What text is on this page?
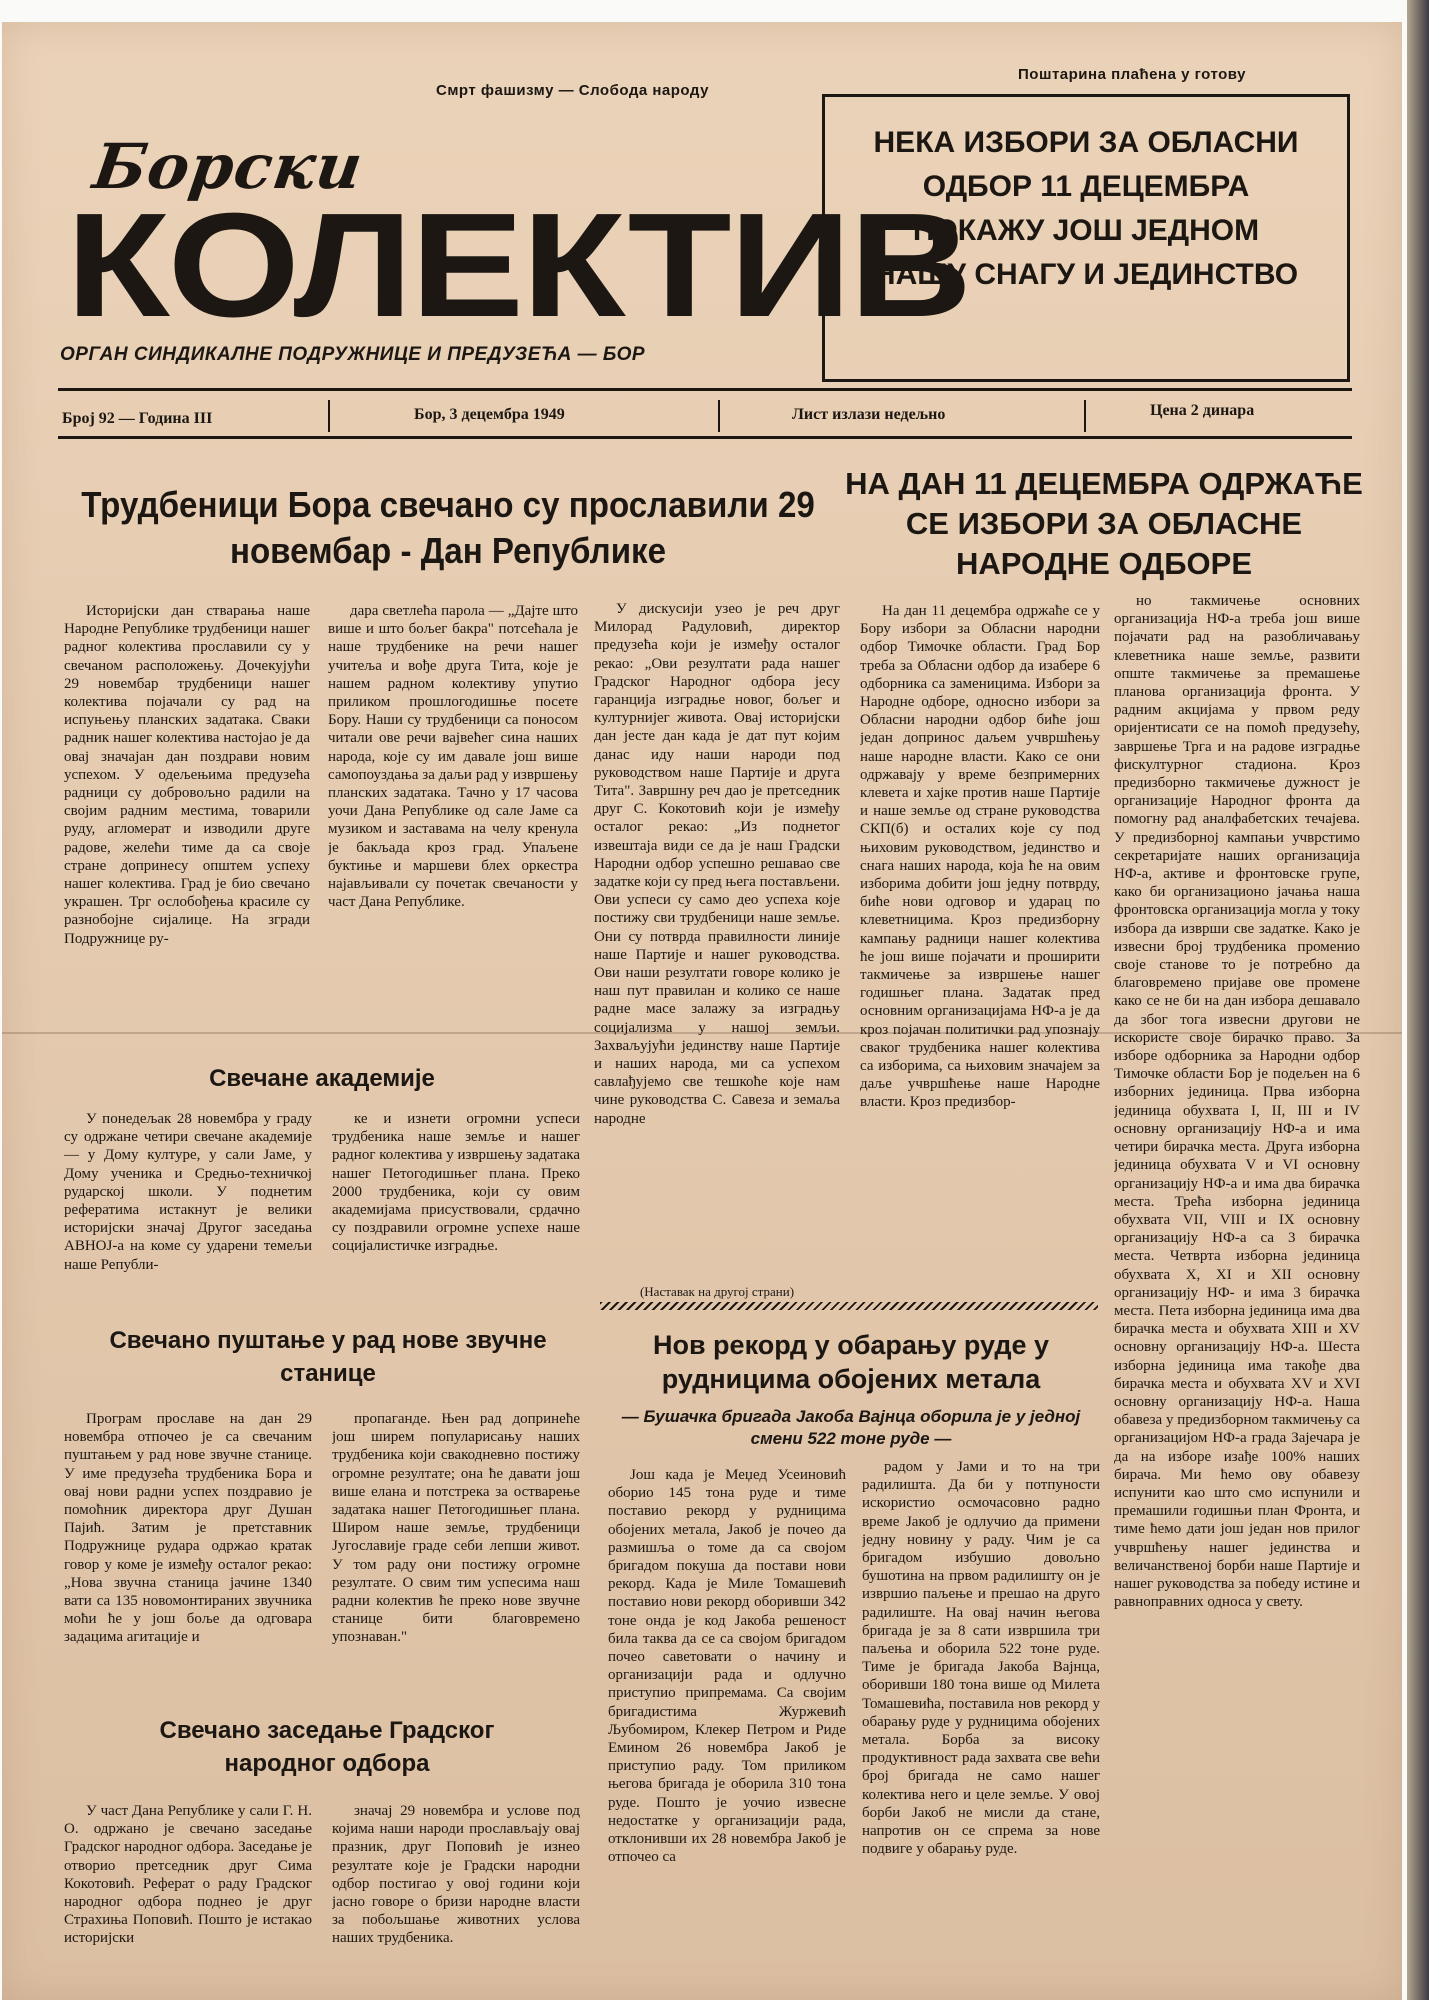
Смрт фашизму — Слобода народу
Поштарина плаћена у готову
Борски
КОЛЕКТИВ
ОРГАН СИНДИКАЛНЕ ПОДРУЖНИЦЕ И ПРЕДУЗЕЋА — БОР
НЕКА ИЗБОРИ ЗА ОБЛАСНИ
ОДБОР 11 ДЕЦЕМБРА
ПОКАЖУ ЈОШ ЈЕДНОМ
НАШУ СНАГУ И ЈЕДИНСТВО
Број 92 — Година III	Бор, 3 децембра 1949	Лист излази недељно	Цена 2 динара
Трудбеници Бора свечано су прославили 29 новембар - Дан Републике

Историјски дан стварања наше Народне Републике трудбеници нашег радног колектива прославили су у свечаном расположењу. Дочекујући 29 новембар трудбеници нашег колектива појачали су рад на испуњењу планских задатака. Сваки радник нашег колектива настојао је да овај значајан дан поздрави новим успехом. У одељењима предузећа радници су добровољно радили на својим радним местима, товарили руду, агломерат и изводили друге радове, желећи тиме да са своје стране допринесу општем успеху нашег колектива. Град је био свечано украшен. Трг ослобођења красиле су разнобојне сијалице. На згради Подружнице ру-

дара светлећа парола — „Дајте што више и што бољег бакра" потсећала је наше трудбенике на речи нашег учитеља и вође друга Тита, које је нашем радном колективу упутио приликом прошлогодишње посете Бору. Наши су трудбеници са поносом читали ове речи вајвећег сина наших народа, које су им давале још више самопоуздања за даљи рад у извршењу планских задатака. Тачно у 17 часова уочи Дана Републике од сале Јаме са музиком и заставама на челу кренула је бакљада кроз град. Упаљене буктиње и маршеви блех оркестра најављивали су почетак свечаности у част Дана Републике.

У дискусији узео је реч друг Милорад Радуловић, директор предузећа који је између осталог рекао: „Ови резултати рада нашег Градског Народног одбора јесу гаранција изградње новог, бољег и културнијег живота. Овај историјски дан јесте дан када је дат пут којим данас иду наши народи под руководством наше Партије и друга Тита". Завршну реч дао је претседник друг С. Кокотовић који је између осталог рекао: „Из поднетог извештаја види се да је наш Градски Народни одбор успешно решавао све задатке који су пред њега постављени. Ови успеси су само део успеха које постижу сви трудбеници наше земље. Они су потврда правилности линије наше Партије и нашег руководства. Ови наши резултати говоре колико је наш пут правилан и колико се наше радне масе залажу за изградњу социјализма у нашој земљи. Захваљујући јединству наше Партије и наших народа, ми са успехом савлађујемо све тешкоће које нам чине руководства С. Савеза и земаља народне

(Наставак на другој страни)
Свечане академије

У понедељак 28 новембра у граду су одржане четири свечане академије — у Дому културе, у сали Јаме, у Дому ученика и Средњо-техничкој рударској школи. У поднетим рефератима истакнут је велики историјски значај Другог заседања АВНОЈ-а на коме су ударени темељи наше Републи-

ке и изнети огромни успеси трудбеника наше земље и нашег радног колектива у извршењу задатака нашег Петогодишњег плана. Преко 2000 трудбеника, који су овим академијама присуствовали, срдачно су поздравили огромне успехе наше социјалистичке изградње.

Свечано пуштање у рад нове звучне станице

Програм прославе на дан 29 новембра отпочео је са свечаним пуштањем у рад нове звучне станице. У име предузећа трудбеника Бора и овај нови радни успех поздравио је помоћник директора друг Душан Пајић. Затим је претставник Подружнице рудара одржао кратак говор у коме је између осталог рекао: „Нова звучна станица јачине 1340 вати са 135 новомонтираних звучника моћи ће у још боље да одговара задацима агитације и

пропаганде. Њен рад допринеће још ширем популарисању наших трудбеника који свакодневно постижу огромне резултате; она ће давати још више елана и потстрека за остварење задатака нашег Петогодишњег плана. Широм наше земље, трудбеници Југославије граде себи лепши живот. У том раду они постижу огромне резултате. О свим тим успесима наш радни колектив ће преко нове звучне станице бити благовремено упознаван."

Свечано заседање Градског народног одбора

У част Дана Републике у сали Г. Н. О. одржано је свечано заседање Градског народног одбора. Заседање је отворио претседник друг Сима Кокотовић. Реферат о раду Градског народног одбора поднео је друг Страхиња Поповић. Поштo је истакао историјски

значај 29 новембра и услове под којима наши народи прослављају овај празник, друг Поповић је изнео резултате које је Градски народни одбор постигао у овој години који јасно говоре о бризи народне власти за побољшање животних услова наших трудбеника.

НА ДАН 11 ДЕЦЕМБРА ОДРЖАЋЕ СЕ ИЗБОРИ ЗА ОБЛАСНЕ НАРОДНЕ ОДБОРЕ

На дан 11 децембра одржаће се у Бору избори за Обласни народни одбор Тимочке области. Град Бор треба за Обласни одбор да изабере 6 одборника са заменицима. Избори за Народне одборе, односно избори за Обласни народни одбор биће још један допринос даљем учвршћењу наше народне власти. Како се они одржавају у време безпримерних клевета и хајке против наше Партије и наше земље од стране руководства СКП(б) и осталих које су под њиховим руководством, јединство и снага наших народа, која ће на овим изборима добити још једну потврду, биће нови одговор и ударац по клеветницима. Кроз предизборну кампању радници нашег колектива ће још више појачати и проширити такмичење за извршење нашег годишњег плана. Задатак пред основним организацијама НФ-а је да кроз појачан политички рад упознају сваког трудбеника нашег колектива са изборима, са њиховим значајем за даље учвршћење наше Народне власти. Кроз предизбор-

но такмичење основних организација НФ-а треба још више појачати рад на разобличавању клеветника наше земље, развити опште такмичење за премашење планова организација фронта. У радним акцијама у првом реду оријентисати се на помоћ предузећу, завршење Трга и на радове изградње фискултурног стадиона. Кроз предизборно такмичење дужност је организације Народног фронта да помогну рад аналфабетских течајева. У предизборној кампањи учврстимо секретаријате наших организација НФ-а, активе и фронтовске групе, како би организационо јачања наша фронтовска организација могла у току избора да изврши све задатке. Како је извесни број трудбеника променио своје станове то је потребно да благовремено пријаве ове промене како се не би на дан избора дешавало да због тога извесни другови не искористе своје бирачко право. За изборе одборника за Народни одбор Тимочке области Бор је подељен на 6 изборних јединица. Прва изборна јединица обухвата I, II, III и IV основну организацију НФ-а и има четири бирачка места. Друга изборна јединица обухвата V и VI основну организацију НФ-а и има два бирачка места. Трећа изборна јединица обухвата VII, VIII и IX основну организацију НФ-а са 3 бирачка места. Четврта изборна јединица обухвата X, XI и XII основну организацију НФ- и има 3 бирачка места. Пета изборна јединица има два бирачка места и обухвата XIII и XV основну организацију НФ-а. Шеста изборна јединица има такође два бирачка места и обухвата XV и XVI основну организацију НФ-а. Наша обавеза у предизборном такмичењу са организацијом НФ-а града Зајечара је да на изборе изађе 100% наших бирача. Ми ћемо ову обавезу испунити као што смо испунили и премашили годишњи план Фронта, и тиме ћемо дати још један нов прилог учвршћењу нашег јединства и величанственој борби наше Партије и нашег руководства за победу истине и равноправних односа у свету.

Нов рекорд у обарању руде у рудницима обојених метала
— Бушачка бригада Јакоба Вајнца оборила је у једној смени 522 тоне руде —

Још када је Меџед Усеиновић оборио 145 тона руде и тиме поставио рекорд у рудницима обојених метала, Јакоб је почео да размишља о томе да са својом бригадом покуша да постави нови рекорд. Када је Миле Томашевић поставио нови рекорд оборивши 342 тоне онда је код Јакоба решеност била таква да се са својом бригадом почео саветовати о начину и организацији рада и одлучно приступио припремама. Са својим бригадистима Журжевић Љубомиром, Клекер Петром и Риде Емином 26 новембра Јакоб је приступио раду. Том приликом његова бригада је оборила 310 тона руде. Пошто је уочио извесне недостатке у организацији рада, отклонивши их 28 новембра Јакоб је отпочео са

радом у Јами и то на три радилишта. Да би у потпуности искористио осмочасовно радно време Јакоб је одлучио да примени једну новину у раду. Чим је са бригадом избушио довољно бушотина на првом радилишту он је извршио паљење и прешао на друго радилиште. На овај начин његова бригада је за 8 сати извршила три паљења и оборила 522 тоне руде. Тиме је бригада Јакоба Вајнца, оборивши 180 тона више од Милета Томашевића, поставила нов рекорд у обарању руде у рудницима обојених метала. Борба за високу продуктивност рада захвата све већи број бригада не само нашег колектива него и целе земље. У овој борби Јакоб не мисли да стане, напротив он се спрема за нове подвиге у обарању руде.
